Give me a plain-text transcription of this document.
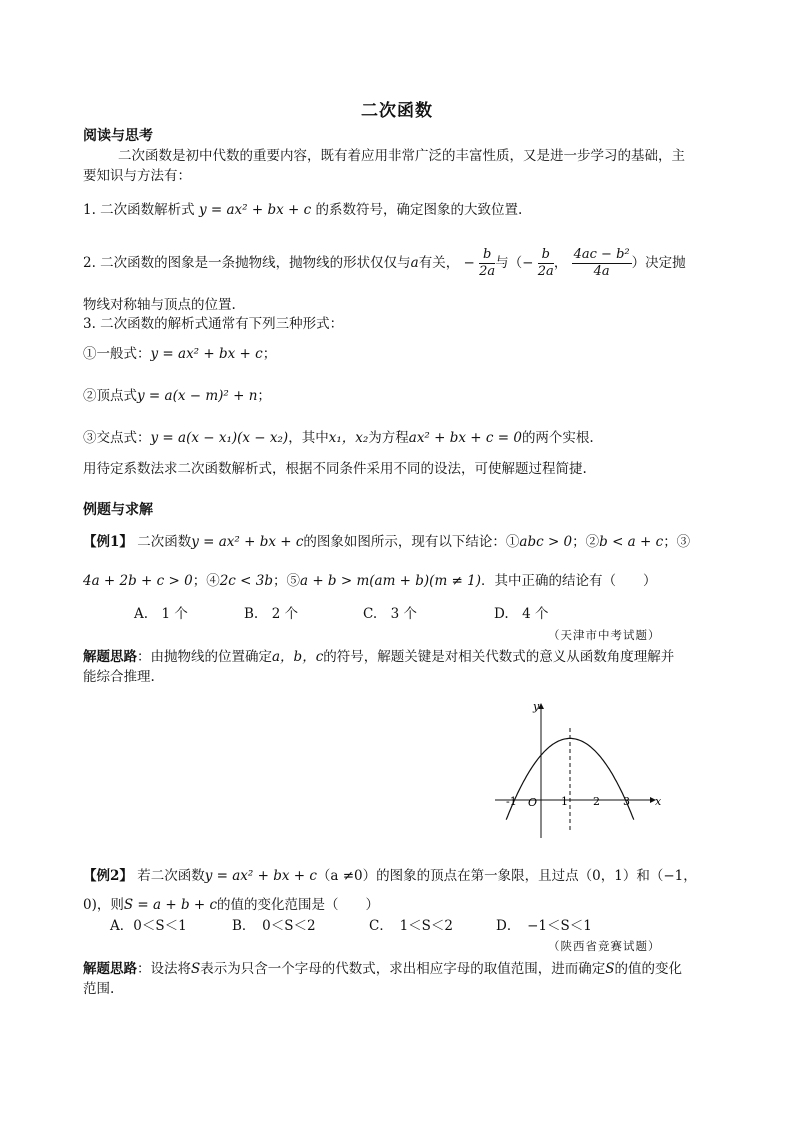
二次函数
阅读与思考
二次函数是初中代数的重要内容，既有着应用非常广泛的丰富性质，又是进一步学习的基础，主
要知识与方法有：
1. 二次函数解析式 y = ax² + bx + c 的系数符号，确定图象的大致位置.
2. 二次函数的图象是一条抛物线，抛物线的形状仅仅与a有关， − $\frac{b}{2a}$ 与（− $\frac{b}{2a}$ ， $\frac{\text{4ac − b²}}{4a}$ ）决定抛
物线对称轴与顶点的位置.
3. 二次函数的解析式通常有下列三种形式：
①一般式：y = ax² + bx + c；
②顶点式y = a(x − m)² + n；
③交点式：y = a(x − x₁)(x − x₂)，其中x₁，x₂为方程ax² + bx + c = 0的两个实根.
用待定系数法求二次函数解析式，根据不同条件采用不同的设法，可使解题过程简捷.
例题与求解
【例1】 二次函数y = ax² + bx + c的图象如图所示，现有以下结论：①abc > 0；②b < a + c；③
4a + 2b + c > 0；④2c < 3b；⑤a + b > m(am + b)(m ≠ 1)．其中正确的结论有（　　）
A.　1 个	B.　2 个	C.　3 个	D.　4 个
（天津市中考试题）
解题思路：由抛物线的位置确定a，b，c的符号，解题关键是对相关代数式的意义从函数角度理解并
能综合推理.
x
y
O
-1	1 2 3
【例2】 若二次函数y = ax² + bx + c（a ≠0）的图象的顶点在第一象限，且过点（0，1）和（−1，
0)，则S = a + b + c的值的变化范围是（　　）
A．0＜S＜1	B．　0＜S＜2	C．　1＜S＜2	D．　−1＜S＜1
（陕西省竞赛试题）
解题思路：设法将S表示为只含一个字母的代数式，求出相应字母的取值范围，进而确定S的值的变化
范围.
